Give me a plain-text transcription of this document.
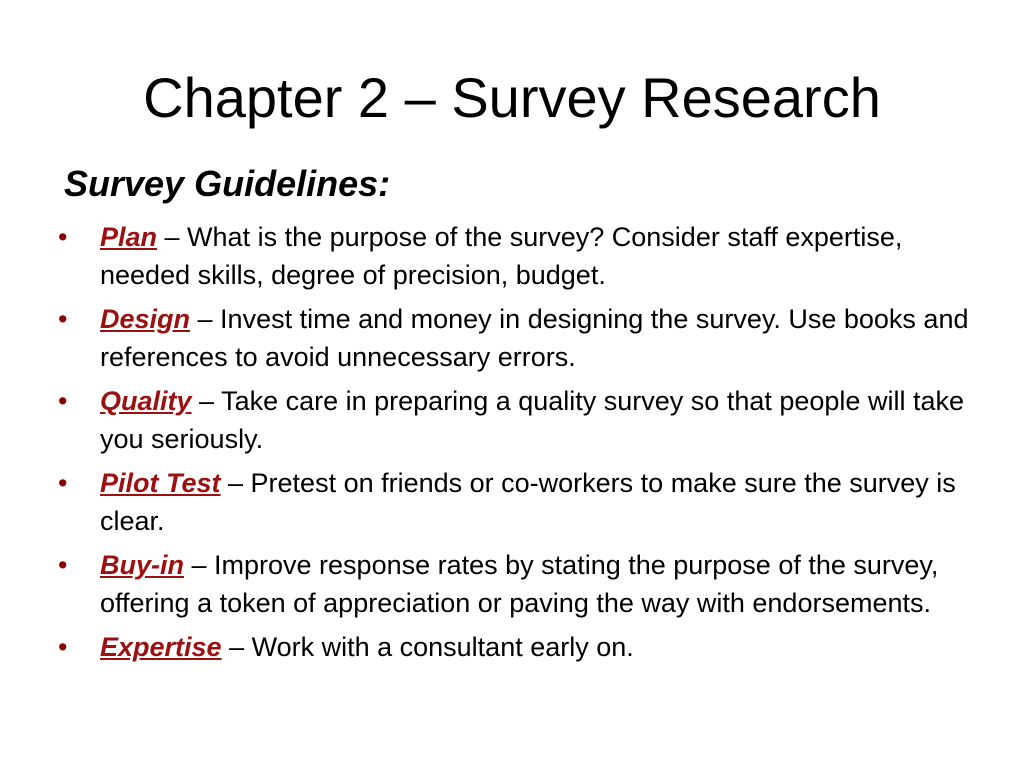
Chapter 2 – Survey Research
Survey Guidelines:
•	Plan – What is the purpose of the survey? Consider staff expertise, needed skills, degree of precision, budget.
•	Design – Invest time and money in designing the survey. Use books and references to avoid unnecessary errors.
•	Quality – Take care in preparing a quality survey so that people will take you seriously.
•	Pilot Test – Pretest on friends or co-workers to make sure the survey is clear.
•	Buy-in – Improve response rates by stating the purpose of the survey, offering a token of appreciation or paving the way with endorsements.
•	Expertise – Work with a consultant early on.
